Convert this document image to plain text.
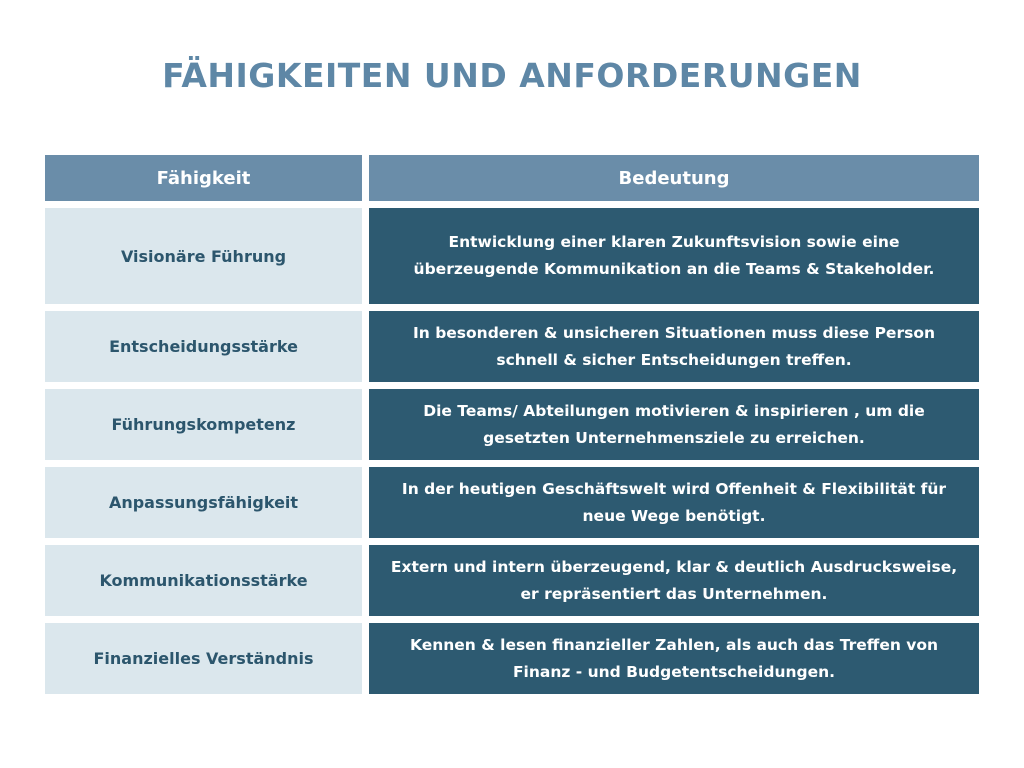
FÄHIGKEITEN UND ANFORDERUNGEN
Fähigkeit	Bedeutung
Visionäre Führung
Entwicklung einer klaren Zukunftsvision sowie eine
überzeugende Kommunikation an die Teams & Stakeholder.
Entscheidungsstärke
In besonderen & unsicheren Situationen muss diese Person
schnell & sicher Entscheidungen treffen.
Führungskompetenz
Die Teams/ Abteilungen motivieren & inspirieren , um die
gesetzten Unternehmensziele zu erreichen.
Anpassungsfähigkeit
In der heutigen Geschäftswelt wird Offenheit & Flexibilität für
neue Wege benötigt.
Kommunikationsstärke
Extern und intern überzeugend, klar & deutlich Ausdrucksweise,
er repräsentiert das Unternehmen.
Finanzielles Verständnis
Kennen & lesen finanzieller Zahlen, als auch das Treffen von
Finanz - und Budgetentscheidungen.
